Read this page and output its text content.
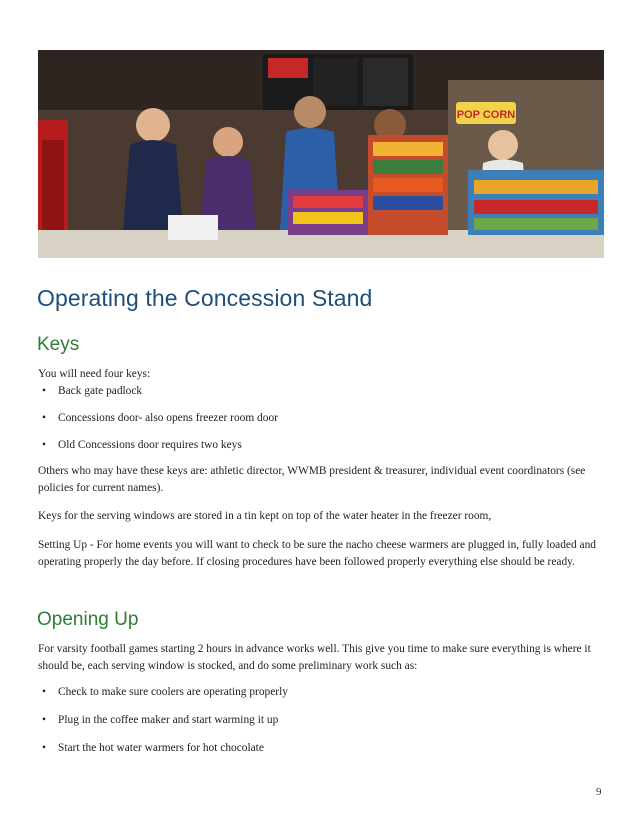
POP CORN
Operating the Concession Stand
Keys

You will need four keys:

• Back gate padlock

• Concessions door- also opens freezer room door

• Old Concessions door requires two keys

Others who may have these keys are: athletic director, WWMB president & treasurer, individual event coordinators (see policies for current names).

Keys for the serving windows are stored in a tin kept on top of the water heater in the freezer room,

Setting Up - For home events you will want to check to be sure the nacho cheese warmers are plugged in, fully loaded and operating properly the day before. If closing procedures have been followed properly everything else should be ready.

Opening Up

For varsity football games starting 2 hours in advance works well. This give you time to make sure everything is where it should be, each serving window is stocked, and do some preliminary work such as:

• Check to make sure coolers are operating properly

• Plug in the coffee maker and start warming it up

• Start the hot water warmers for hot chocolate

9
